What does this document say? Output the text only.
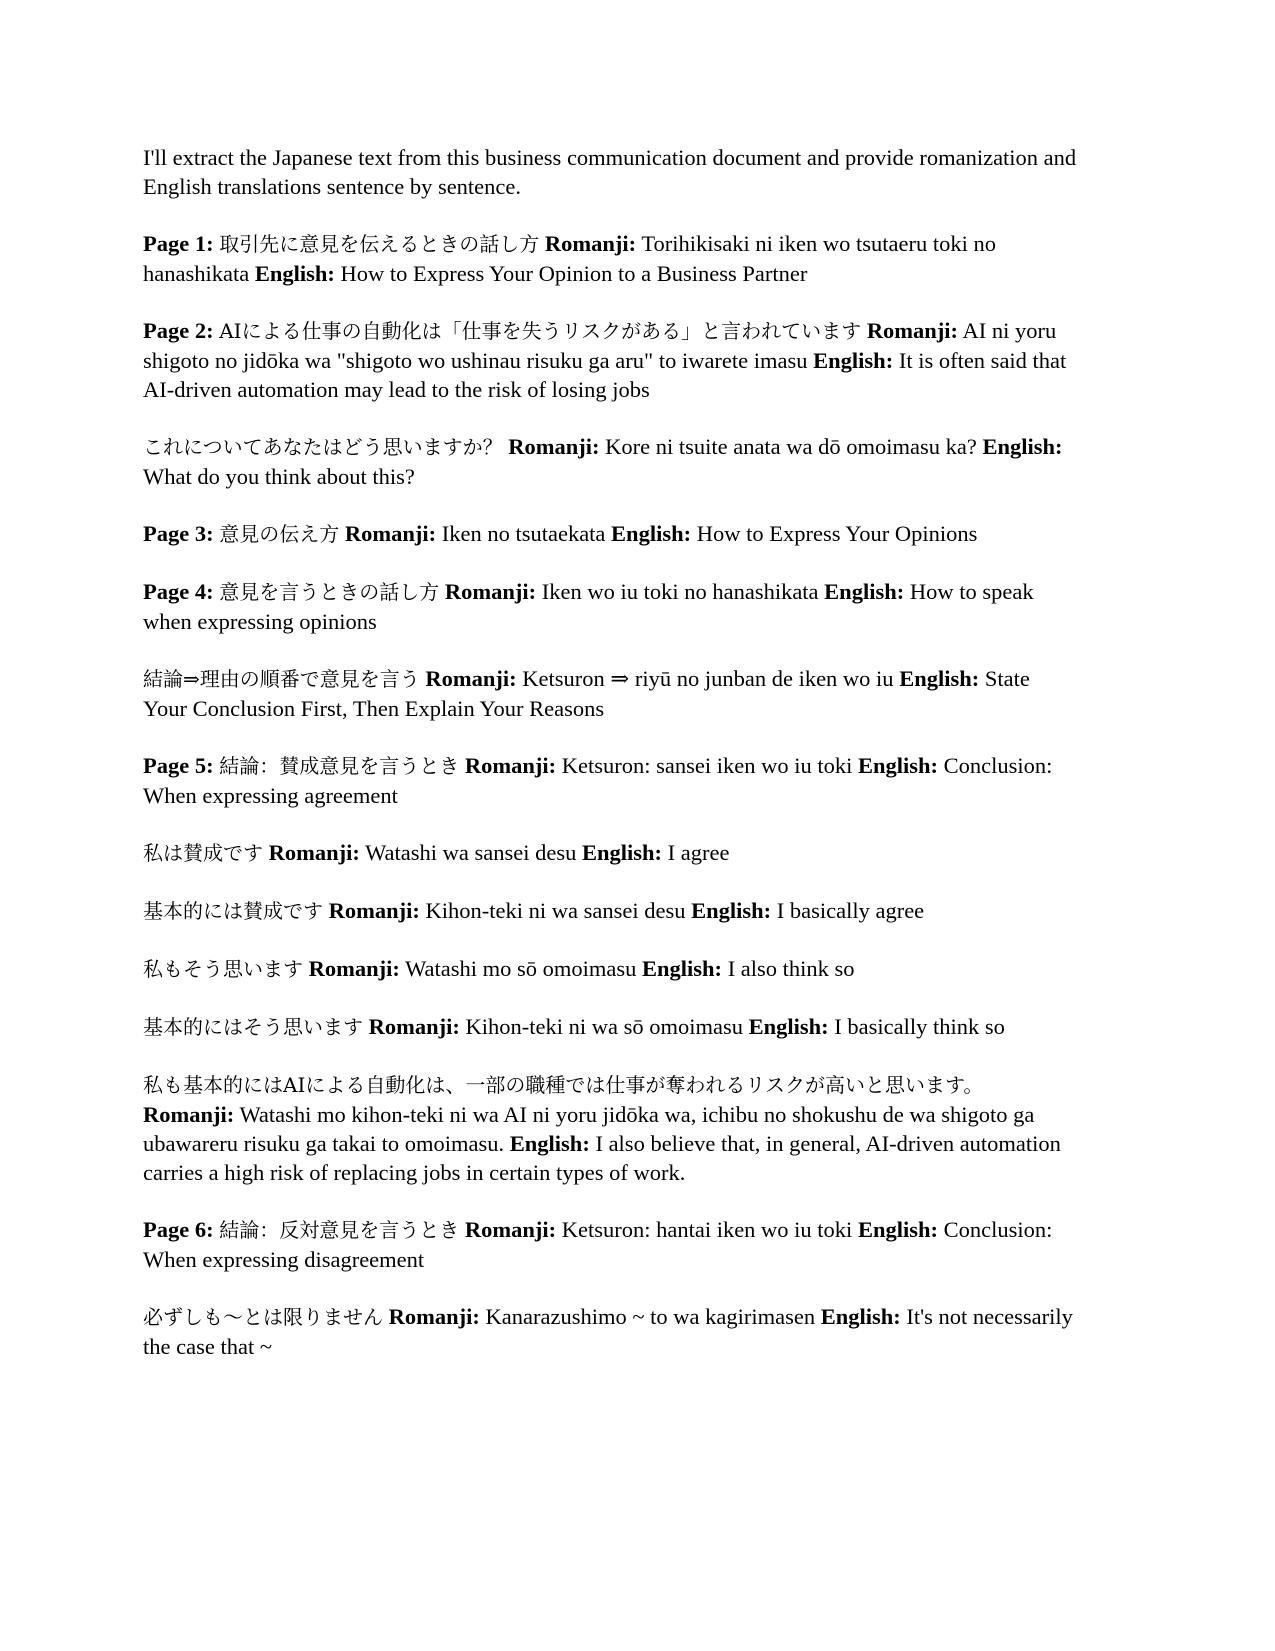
I'll extract the Japanese text from this business communication document and provide romanization and English translations sentence by sentence.

Page 1: 取引先に意見を伝えるときの話し方 Romanji: Torihikisaki ni iken wo tsutaeru toki no hanashikata English: How to Express Your Opinion to a Business Partner

Page 2: AIによる仕事の自動化は「仕事を失うリスクがある」と言われています Romanji: AI ni yoru shigoto no jidōka wa "shigoto wo ushinau risuku ga aru" to iwarete imasu English: It is often said that AI-driven automation may lead to the risk of losing jobs

これについてあなたはどう思いますか？ Romanji: Kore ni tsuite anata wa dō omoimasu ka? English: What do you think about this?

Page 3: 意見の伝え方 Romanji: Iken no tsutaekata English: How to Express Your Opinions

Page 4: 意見を言うときの話し方 Romanji: Iken wo iu toki no hanashikata English: How to speak when expressing opinions

結論⇒理由の順番で意見を言う Romanji: Ketsuron ⇒ riyū no junban de iken wo iu English: State Your Conclusion First, Then Explain Your Reasons

Page 5: 結論：賛成意見を言うとき Romanji: Ketsuron: sansei iken wo iu toki English: Conclusion: When expressing agreement

私は賛成です Romanji: Watashi wa sansei desu English: I agree

基本的には賛成です Romanji: Kihon-teki ni wa sansei desu English: I basically agree

私もそう思います Romanji: Watashi mo sō omoimasu English: I also think so

基本的にはそう思います Romanji: Kihon-teki ni wa sō omoimasu English: I basically think so

私も基本的にはAIによる自動化は、一部の職種では仕事が奪われるリスクが高いと思います。 Romanji: Watashi mo kihon-teki ni wa AI ni yoru jidōka wa, ichibu no shokushu de wa shigoto ga ubawareru risuku ga takai to omoimasu. English: I also believe that, in general, AI-driven automation carries a high risk of replacing jobs in certain types of work.

Page 6: 結論：反対意見を言うとき Romanji: Ketsuron: hantai iken wo iu toki English: Conclusion: When expressing disagreement

必ずしも〜とは限りません Romanji: Kanarazushimo ~ to wa kagirimasen English: It's not necessarily the case that ~
